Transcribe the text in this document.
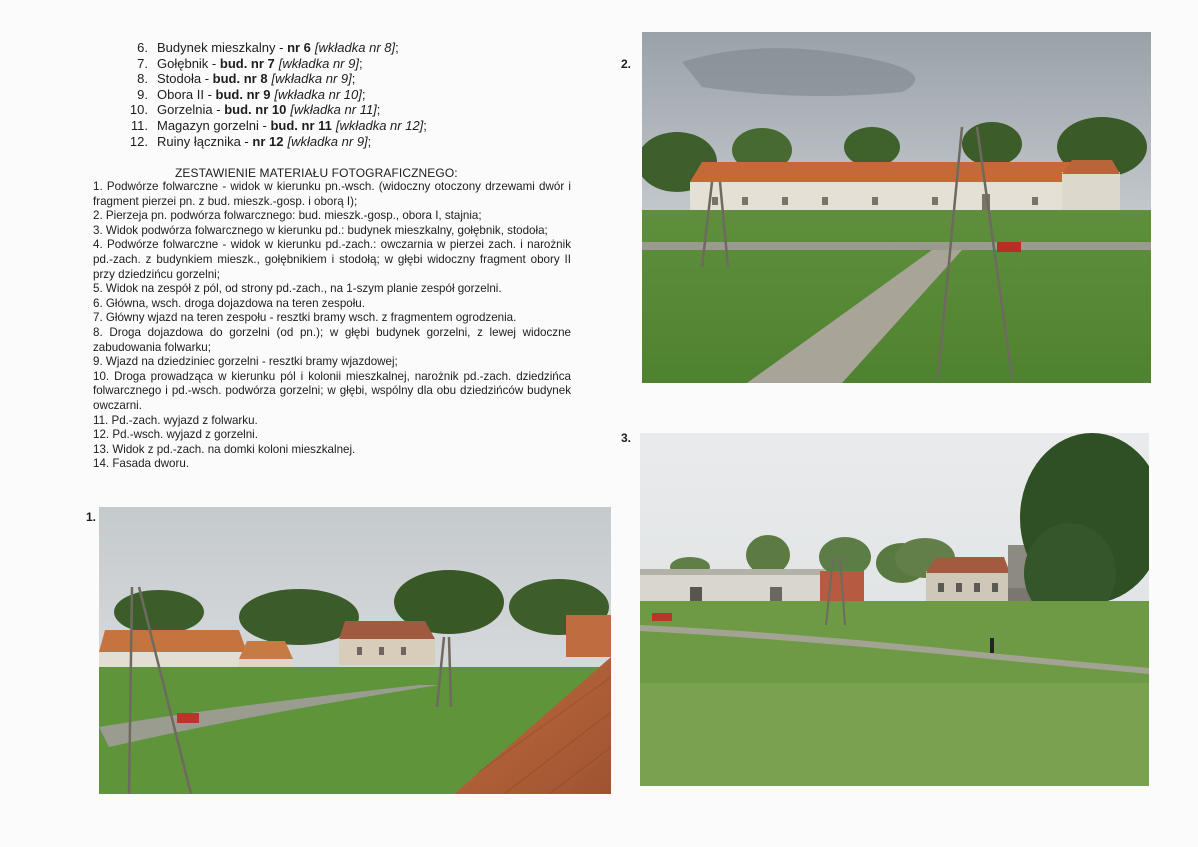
6. Budynek mieszkalny - nr 6 [wkładka nr 8] ;
7. Gołębnik - bud. nr 7 [wkładka nr 9] ;
8. Stodoła - bud. nr 8 [wkładka nr 9] ;
9. Obora II - bud. nr 9 [wkładka nr 10] ;
10. Gorzelnia - bud. nr 10 [wkładka nr 11] ;
11. Magazyn gorzelni - bud. nr 11 [wkładka nr 12] ;
12. Ruiny łącznika - nr 12 [wkładka nr 9] ;
ZESTAWIENIE MATERIAŁU FOTOGRAFICZNEGO:

1. Podwórze folwarczne - widok w kierunku pn.-wsch. (widoczny otoczony drzewami dwór i fragment pierzei pn. z bud. mieszk.-gosp. i oborą I);

2. Pierzeja pn. podwórza folwarcznego: bud. mieszk.-gosp., obora I, stajnia;

3. Widok podwórza folwarcznego w kierunku pd.: budynek mieszkalny, gołębnik, stodoła;

4. Podwórze folwarczne - widok w kierunku pd.-zach.: owczarnia w pierzei zach. i narożnik pd.-zach. z budynkiem mieszk., gołębnikiem i stodołą; w głębi widoczny fragment obory II przy dziedzińcu gorzelni;

5. Widok na zespół z pól, od strony pd.-zach., na 1-szym planie zespół gorzelni.

6. Główna, wsch. droga dojazdowa na teren zespołu.

7. Główny wjazd na teren zespołu - resztki bramy wsch. z fragmentem ogrodzenia.

8. Droga dojazdowa do gorzelni (od pn.); w głębi budynek gorzelni, z lewej widoczne zabudowania folwarku;

9. Wjazd na dziedziniec gorzelni - resztki bramy wjazdowej;

10. Droga prowadząca w kierunku pól i kolonii mieszkalnej, narożnik pd.-zach. dziedzińca folwarcznego i pd.-wsch. podwórza gorzelni; w głębi, wspólny dla obu dziedzińców budynek owczarni.

11. Pd.-zach. wyjazd z folwarku.

12. Pd.-wsch. wyjazd z gorzelni.

13. Widok z pd.-zach. na domki koloni mieszkalnej.

14. Fasada dworu.

1.
2.
3.
